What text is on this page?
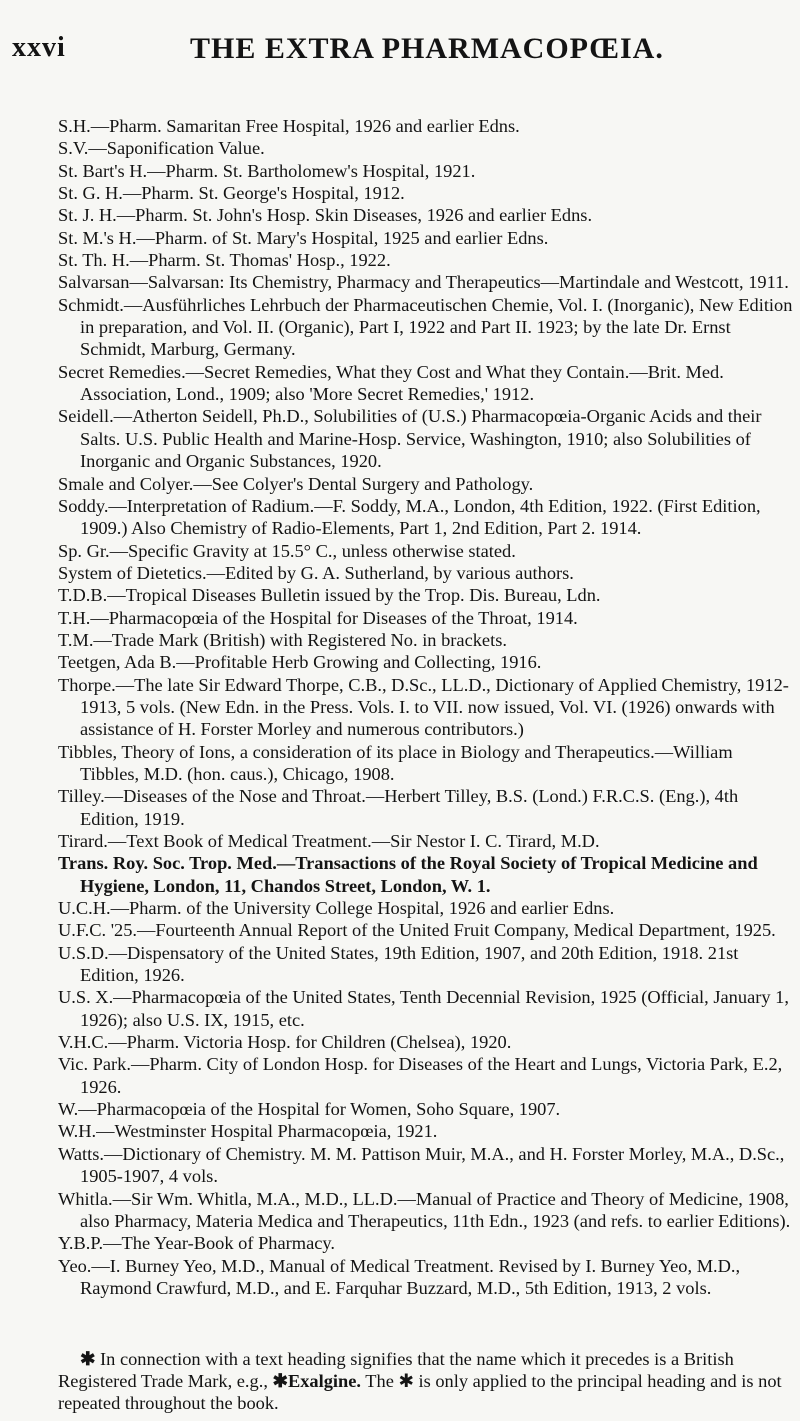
xxvi	THE EXTRA PHARMACOPŒIA.

S.H.—Pharm. Samaritan Free Hospital, 1926 and earlier Edns.

S.V.—Saponification Value.

St. Bart's H.—Pharm. St. Bartholomew's Hospital, 1921.

St. G. H.—Pharm. St. George's Hospital, 1912.

St. J. H.—Pharm. St. John's Hosp. Skin Diseases, 1926 and earlier Edns.

St. M.'s H.—Pharm. of St. Mary's Hospital, 1925 and earlier Edns.

St. Th. H.—Pharm. St. Thomas' Hosp., 1922.

Salvarsan—Salvarsan: Its Chemistry, Pharmacy and Therapeutics—Martindale and Westcott, 1911.

Schmidt.—Ausführliches Lehrbuch der Pharmaceutischen Chemie, Vol. I. (Inorganic), New Edition in preparation, and Vol. II. (Organic), Part I, 1922 and Part II. 1923; by the late Dr. Ernst Schmidt, Marburg, Germany.

Secret Remedies.—Secret Remedies, What they Cost and What they Contain.—Brit. Med. Association, Lond., 1909; also 'More Secret Remedies,' 1912.

Seidell.—Atherton Seidell, Ph.D., Solubilities of (U.S.) Pharmacopœia-Organic Acids and their Salts. U.S. Public Health and Marine-Hosp. Service, Washington, 1910; also Solubilities of Inorganic and Organic Substances, 1920.

Smale and Colyer.—See Colyer's Dental Surgery and Pathology.

Soddy.—Interpretation of Radium.—F. Soddy, M.A., London, 4th Edition, 1922. (First Edition, 1909.) Also Chemistry of Radio-Elements, Part 1, 2nd Edition, Part 2. 1914.

Sp. Gr.—Specific Gravity at 15.5° C., unless otherwise stated.

System of Dietetics.—Edited by G. A. Sutherland, by various authors.

T.D.B.—Tropical Diseases Bulletin issued by the Trop. Dis. Bureau, Ldn.

T.H.—Pharmacopœia of the Hospital for Diseases of the Throat, 1914.

T.M.—Trade Mark (British) with Registered No. in brackets.

Teetgen, Ada B.—Profitable Herb Growing and Collecting, 1916.

Thorpe.—The late Sir Edward Thorpe, C.B., D.Sc., LL.D., Dictionary of Applied Chemistry, 1912-1913, 5 vols. (New Edn. in the Press. Vols. I. to VII. now issued, Vol. VI. (1926) onwards with assistance of H. Forster Morley and numerous contributors.)

Tibbles, Theory of Ions, a consideration of its place in Biology and Therapeutics.—William Tibbles, M.D. (hon. caus.), Chicago, 1908.

Tilley.—Diseases of the Nose and Throat.—Herbert Tilley, B.S. (Lond.) F.R.C.S. (Eng.), 4th Edition, 1919.

Tirard.—Text Book of Medical Treatment.—Sir Nestor I. C. Tirard, M.D.

Trans. Roy. Soc. Trop. Med.—Transactions of the Royal Society of Tropical Medicine and Hygiene, London, 11, Chandos Street, London, W. 1.

U.C.H.—Pharm. of the University College Hospital, 1926 and earlier Edns.

U.F.C. '25.—Fourteenth Annual Report of the United Fruit Company, Medical Department, 1925.

U.S.D.—Dispensatory of the United States, 19th Edition, 1907, and 20th Edition, 1918. 21st Edition, 1926.

U.S. X.—Pharmacopœia of the United States, Tenth Decennial Revision, 1925 (Official, January 1, 1926); also U.S. IX, 1915, etc.

V.H.C.—Pharm. Victoria Hosp. for Children (Chelsea), 1920.

Vic. Park.—Pharm. City of London Hosp. for Diseases of the Heart and Lungs, Victoria Park, E.2, 1926.

W.—Pharmacopœia of the Hospital for Women, Soho Square, 1907.

W.H.—Westminster Hospital Pharmacopœia, 1921.

Watts.—Dictionary of Chemistry. M. M. Pattison Muir, M.A., and H. Forster Morley, M.A., D.Sc., 1905-1907, 4 vols.

Whitla.—Sir Wm. Whitla, M.A., M.D., LL.D.—Manual of Practice and Theory of Medicine, 1908, also Pharmacy, Materia Medica and Therapeutics, 11th Edn., 1923 (and refs. to earlier Editions).

Y.B.P.—The Year-Book of Pharmacy.

Yeo.—I. Burney Yeo, M.D., Manual of Medical Treatment. Revised by I. Burney Yeo, M.D., Raymond Crawfurd, M.D., and E. Farquhar Buzzard, M.D., 5th Edition, 1913, 2 vols.

✱ In connection with a text heading signifies that the name which it precedes is a British Registered Trade Mark, e.g., ✱Exalgine. The ✱ is only applied to the principal heading and is not repeated throughout the book.
